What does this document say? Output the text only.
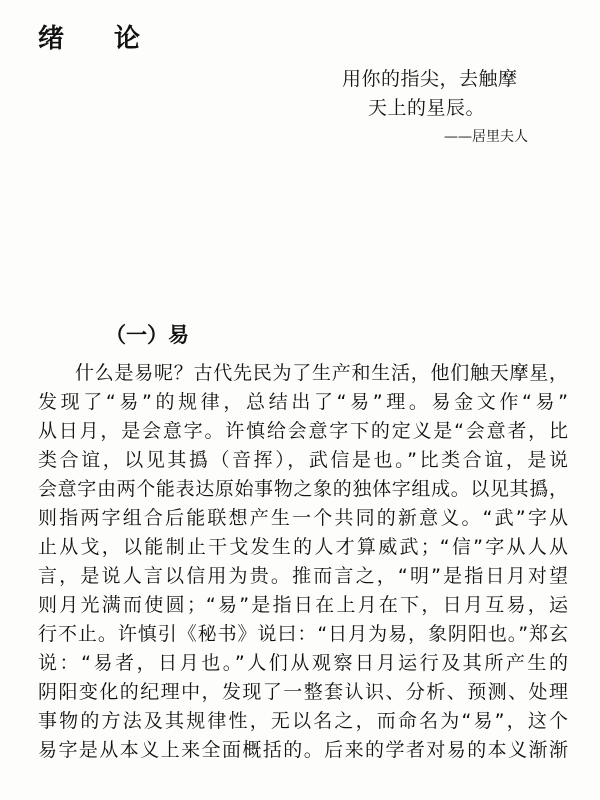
绪论
用你的指尖，去触摩
天上的星辰。
——居里夫人
（一）易
什么是易呢？古代先民为了生产和生活，他们触天摩星，
发现了“易”的规律，总结出了“易”理。易金文作“易”
从日月，是会意字。许慎给会意字下的定义是“会意者，比
类合谊，以见其撝（音挥），武信是也。”比类合谊，是说
会意字由两个能表达原始事物之象的独体字组成。以见其撝，
则指两字组合后能联想产生一个共同的新意义。“武”字从
止从戈，以能制止干戈发生的人才算威武；“信”字从人从
言，是说人言以信用为贵。推而言之，“明”是指日月对望
则月光满而使圆；“易”是指日在上月在下，日月互易，运
行不止。许慎引《秘书》说曰：“日月为易，象阴阳也。”郑玄
说：“易者，日月也。”人们从观察日月运行及其所产生的
阴阳变化的纪理中，发现了一整套认识、分析、预测、处理
事物的方法及其规律性，无以名之，而命名为“易”，这个
易字是从本义上来全面概括的。后来的学者对易的本义渐渐
